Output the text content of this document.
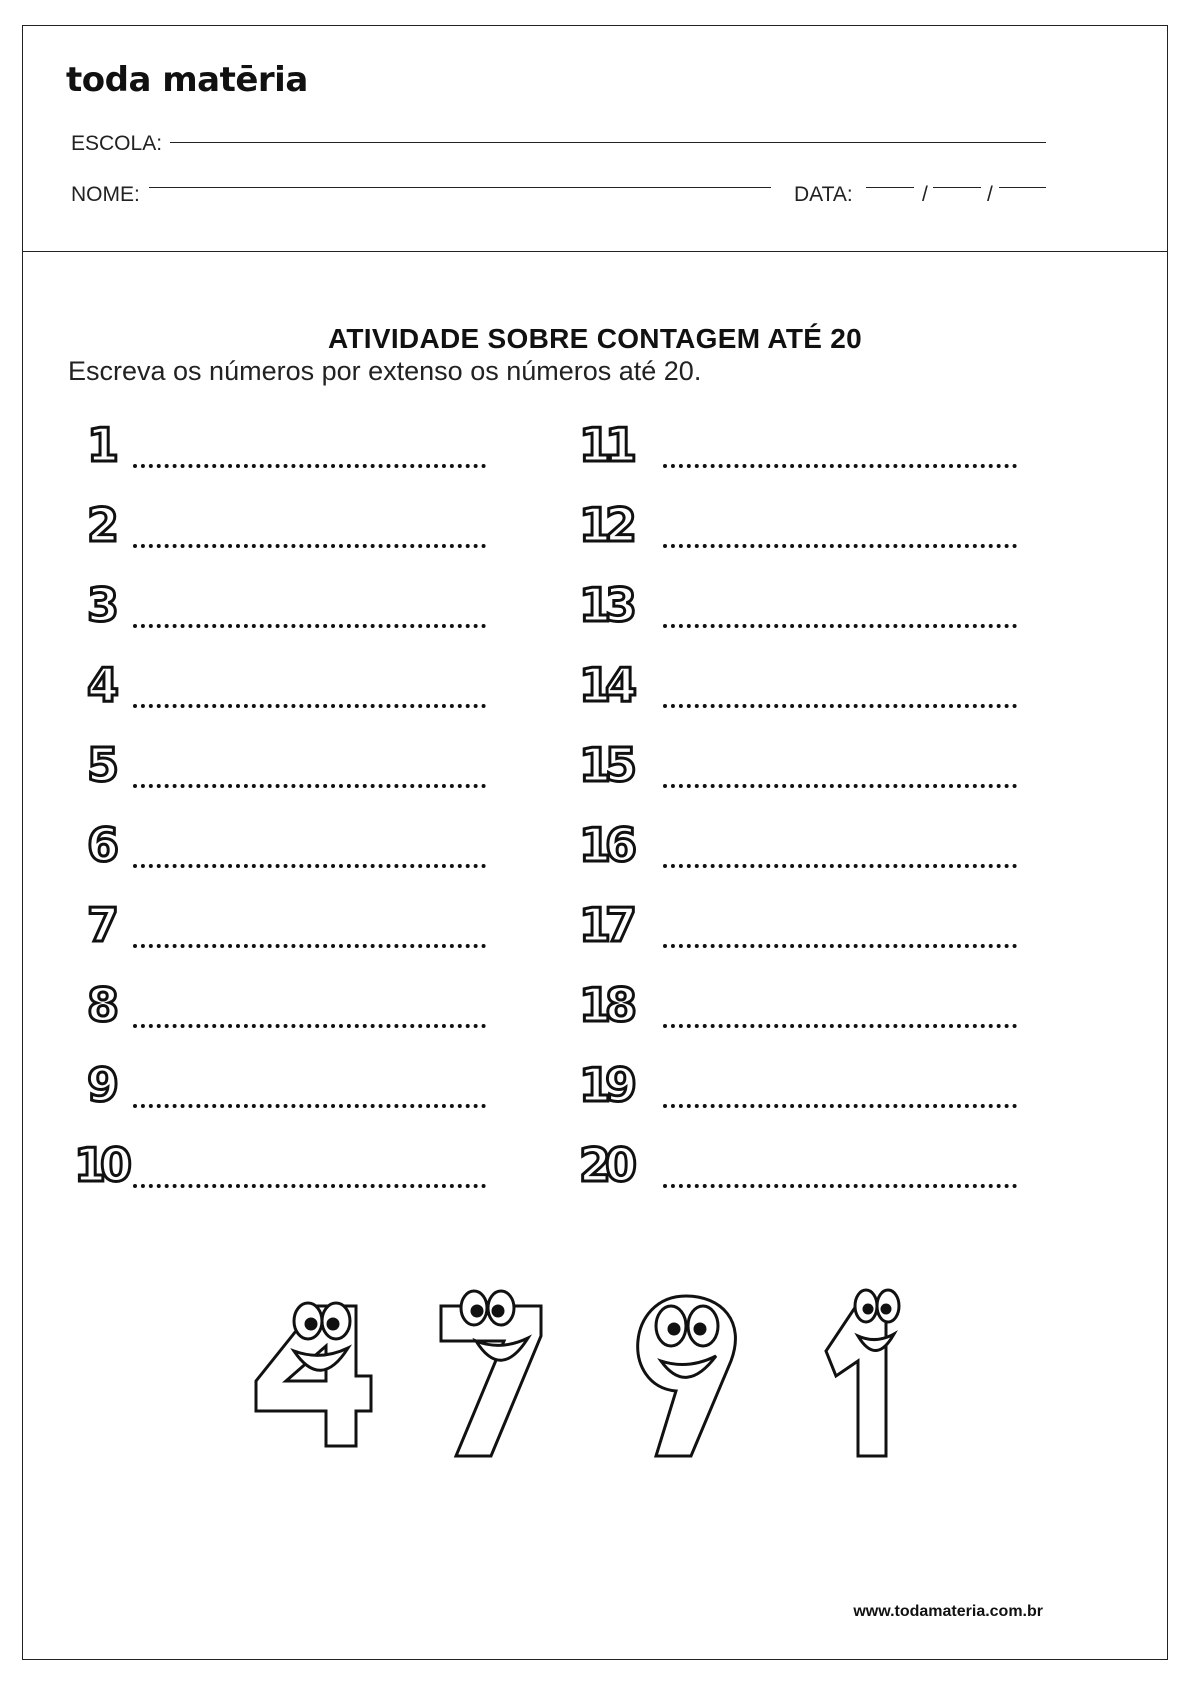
toda matēria
ESCOLA:
NOME:	DATA:	/	/
ATIVIDADE SOBRE CONTAGEM ATÉ 20
Escreva os números por extenso os números até 20.
1
2
3
4
5
6
7
8
9
10
11
12
13
14
15
16
17
18
19
20
www.todamateria.com.br
